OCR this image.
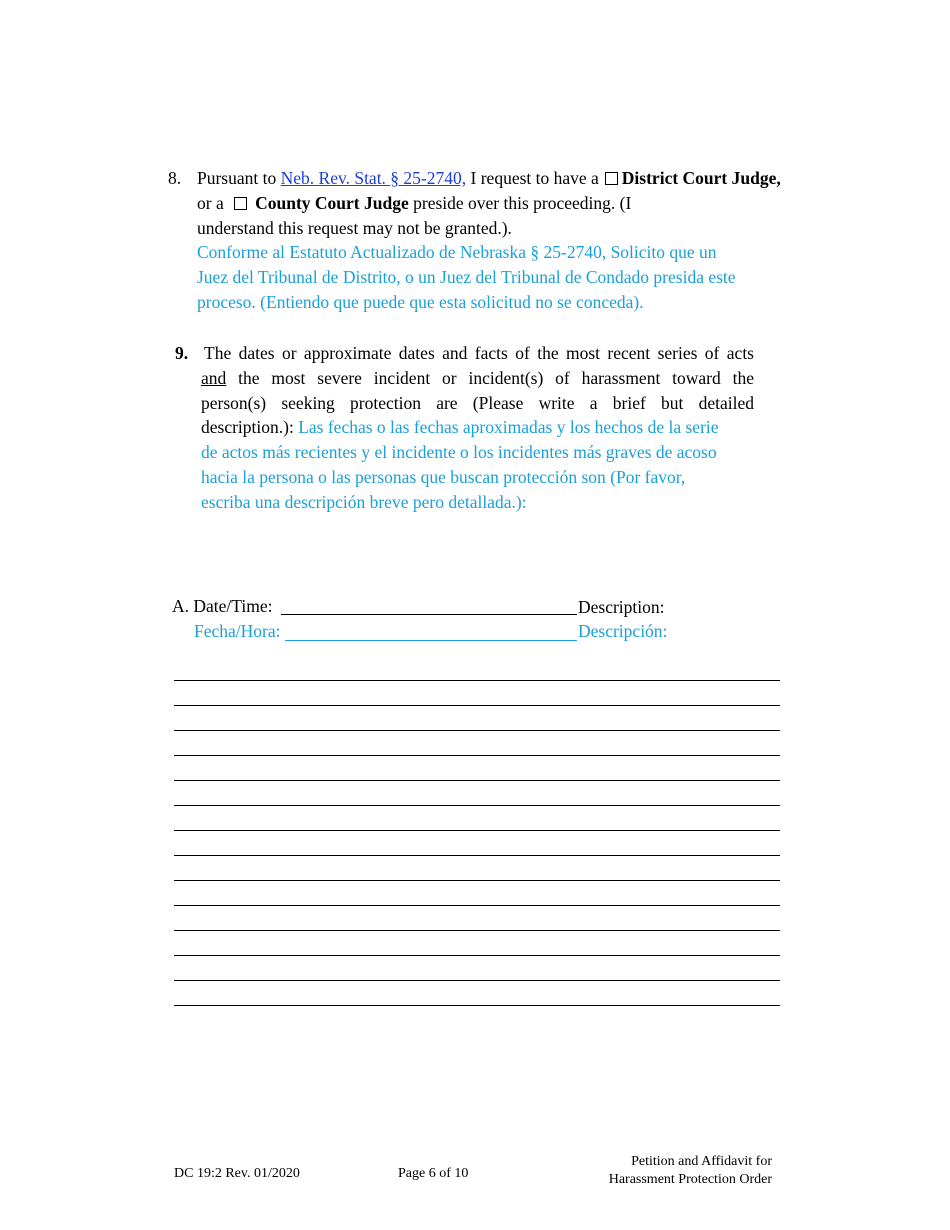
8. Pursuant to Neb. Rev. Stat. § 25-2740, I request to have a District Court Judge,
or a County Court Judge preside over this proceeding. (I
understand this request may not be granted.).
Conforme al Estatuto Actualizado de Nebraska § 25-2740, Solicito que un
Juez del Tribunal de Distrito, o un Juez del Tribunal de Condado presida este
proceso. (Entiendo que puede que esta solicitud no se conceda).
9. The dates or approximate dates and facts of the most recent series of acts
and the most severe incident or incident(s) of harassment toward the
person(s) seeking protection are (Please write a brief but detailed
description.): Las fechas o las fechas aproximadas y los hechos de la serie
de actos más recientes y el incidente o los incidentes más graves de acoso
hacia la persona o las personas que buscan protección son (Por favor,
escriba una descripción breve pero detallada.):
A. Date/Time:	Description:
Fecha/Hora:	Descripción:
DC 19:2 Rev. 01/2020	Page 6 of 10
Petition and Affidavit for
Harassment Protection Order
